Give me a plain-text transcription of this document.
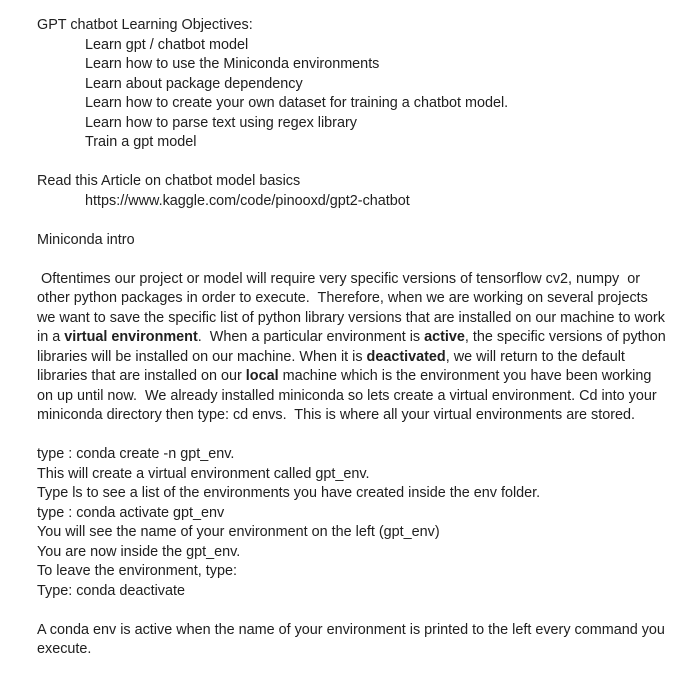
GPT chatbot Learning Objectives:
Learn gpt / chatbot model
Learn how to use the Miniconda environments
Learn about package dependency
Learn how to create your own dataset for training a chatbot model.
Learn how to parse text using regex library
Train a gpt model
Read this Article on chatbot model basics
https://www.kaggle.com/code/pinooxd/gpt2-chatbot
Miniconda intro

Oftentimes our project or model will require very specific versions of tensorflow cv2, numpy  or other python packages in order to execute.  Therefore, when we are working on several projects we want to save the specific list of python library versions that are installed on our machine to work in a virtual environment.  When a particular environment is active, the specific versions of python libraries will be installed on our machine. When it is deactivated, we will return to the default libraries that are installed on our local machine which is the environment you have been working on up until now.  We already installed miniconda so lets create a virtual environment. Cd into your miniconda directory then type: cd envs.  This is where all your virtual environments are stored.

type : conda create -n gpt_env.
This will create a virtual environment called gpt_env.
Type ls to see a list of the environments you have created inside the env folder.
type : conda activate gpt_env
You will see the name of your environment on the left (gpt_env)
You are now inside the gpt_env.
To leave the environment, type:
Type: conda deactivate

A conda env is active when the name of your environment is printed to the left every command you execute.
